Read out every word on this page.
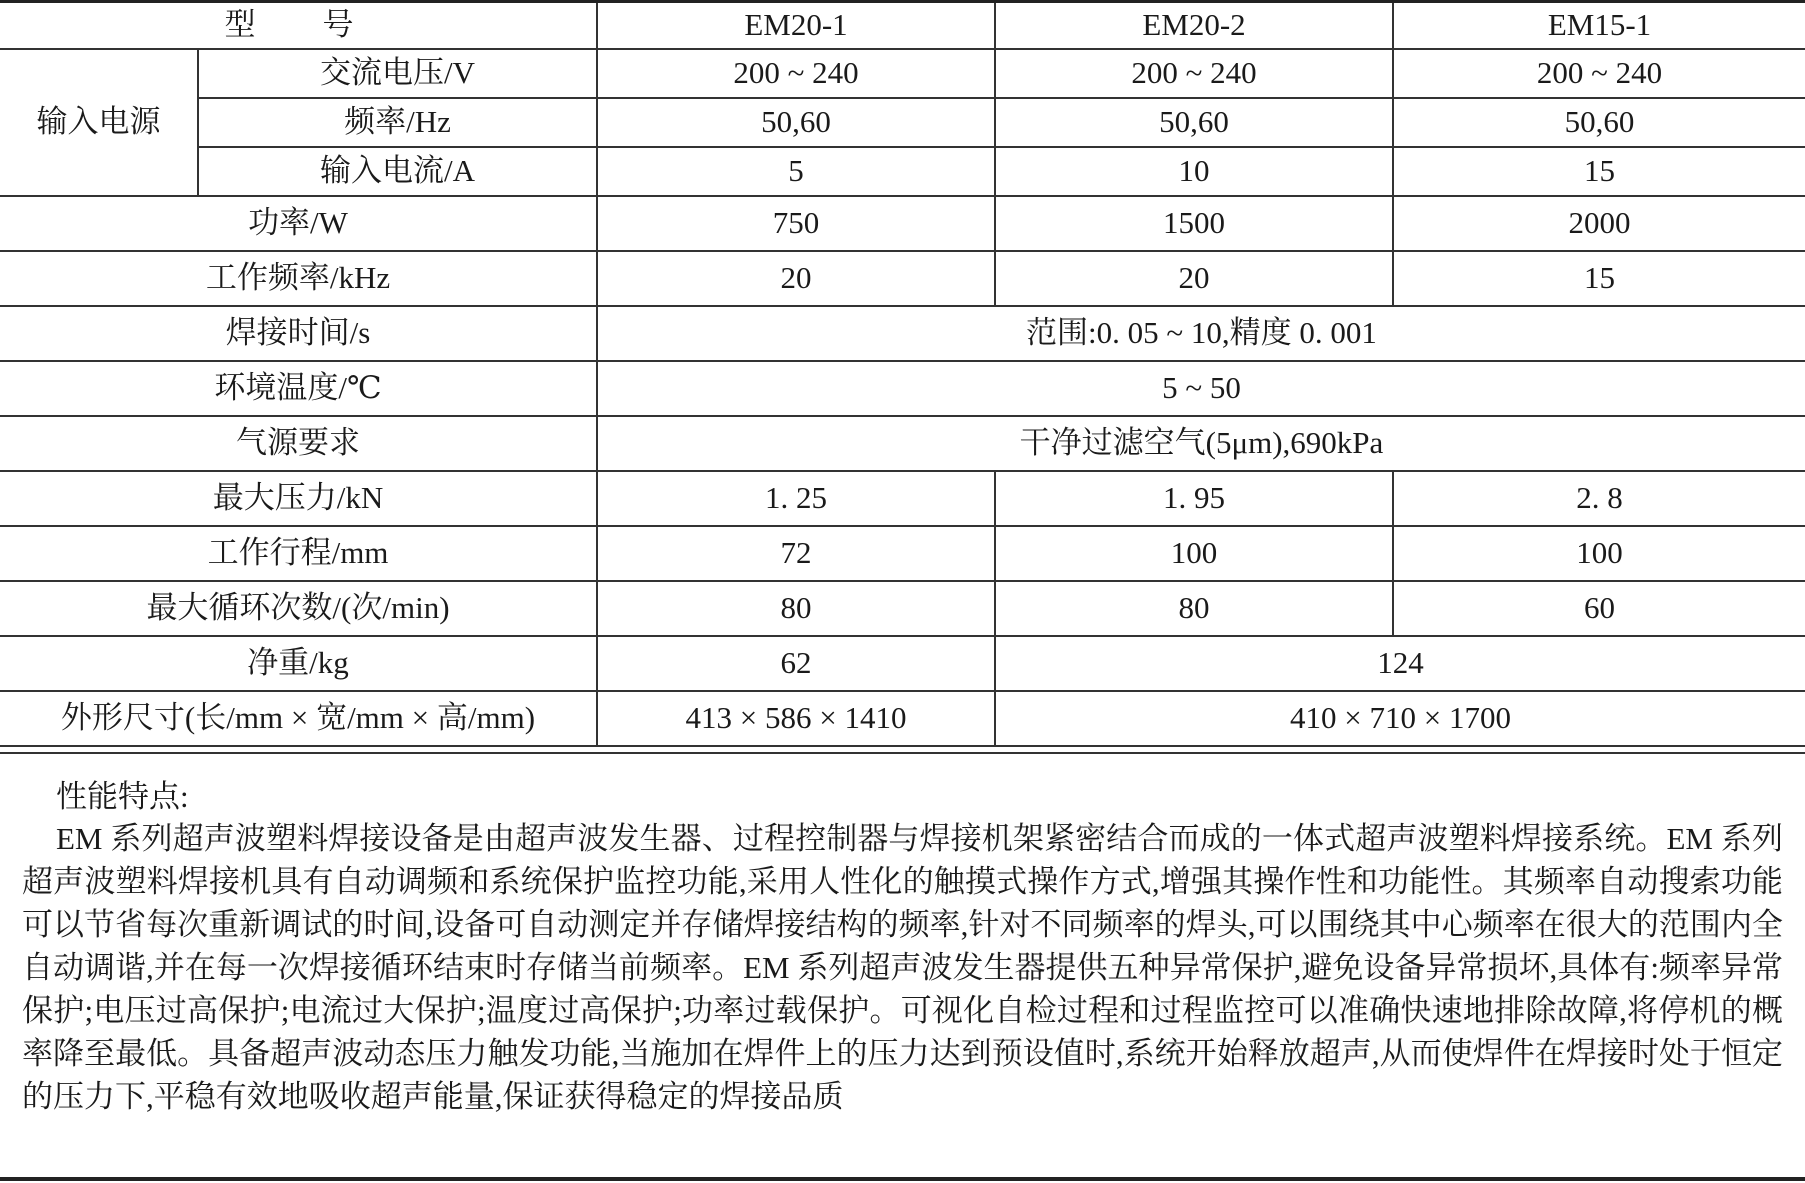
型　号		EM20-1	EM20-2	EM15-1
输入电源	交流电压/V	200 ~ 240	200 ~ 240	200 ~ 240
	频率/Hz	50,60	50,60	50,60
	输入电流/A	5	10	15
功率/W		750	1500	2000
工作频率/kHz		20	20	15
焊接时间/s		范围:0. 05 ~ 10,精度 0. 001		
环境温度/℃		5 ~ 50		
气源要求		干净过滤空气(5μm),690kPa		
最大压力/kN		1. 25	1. 95	2. 8
工作行程/mm		72	100	100
最大循环次数/(次/min)		80	80	60
净重/kg		62	124	
外形尺寸(长/mm × 宽/mm × 高/mm)		413 × 586 × 1410	410 × 710 × 1700	
性能特点:
EM 系列超声波塑料焊接设备是由超声波发生器、过程控制器与焊接机架紧密结合而成的一体式超声波塑料焊接系统。EM 系列超声波塑料焊接机具有自动调频和系统保护监控功能,采用人性化的触摸式操作方式,增强其操作性和功能性。其频率自动搜索功能可以节省每次重新调试的时间,设备可自动测定并存储焊接结构的频率,针对不同频率的焊头,可以围绕其中心频率在很大的范围内全自动调谐,并在每一次焊接循环结束时存储当前频率。EM 系列超声波发生器提供五种异常保护,避免设备异常损坏,具体有:频率异常保护;电压过高保护;电流过大保护;温度过高保护;功率过载保护。可视化自检过程和过程监控可以准确快速地排除故障,将停机的概率降至最低。具备超声波动态压力触发功能,当施加在焊件上的压力达到预设值时,系统开始释放超声,从而使焊件在焊接时处于恒定的压力下,平稳有效地吸收超声能量,保证获得稳定的焊接品质
